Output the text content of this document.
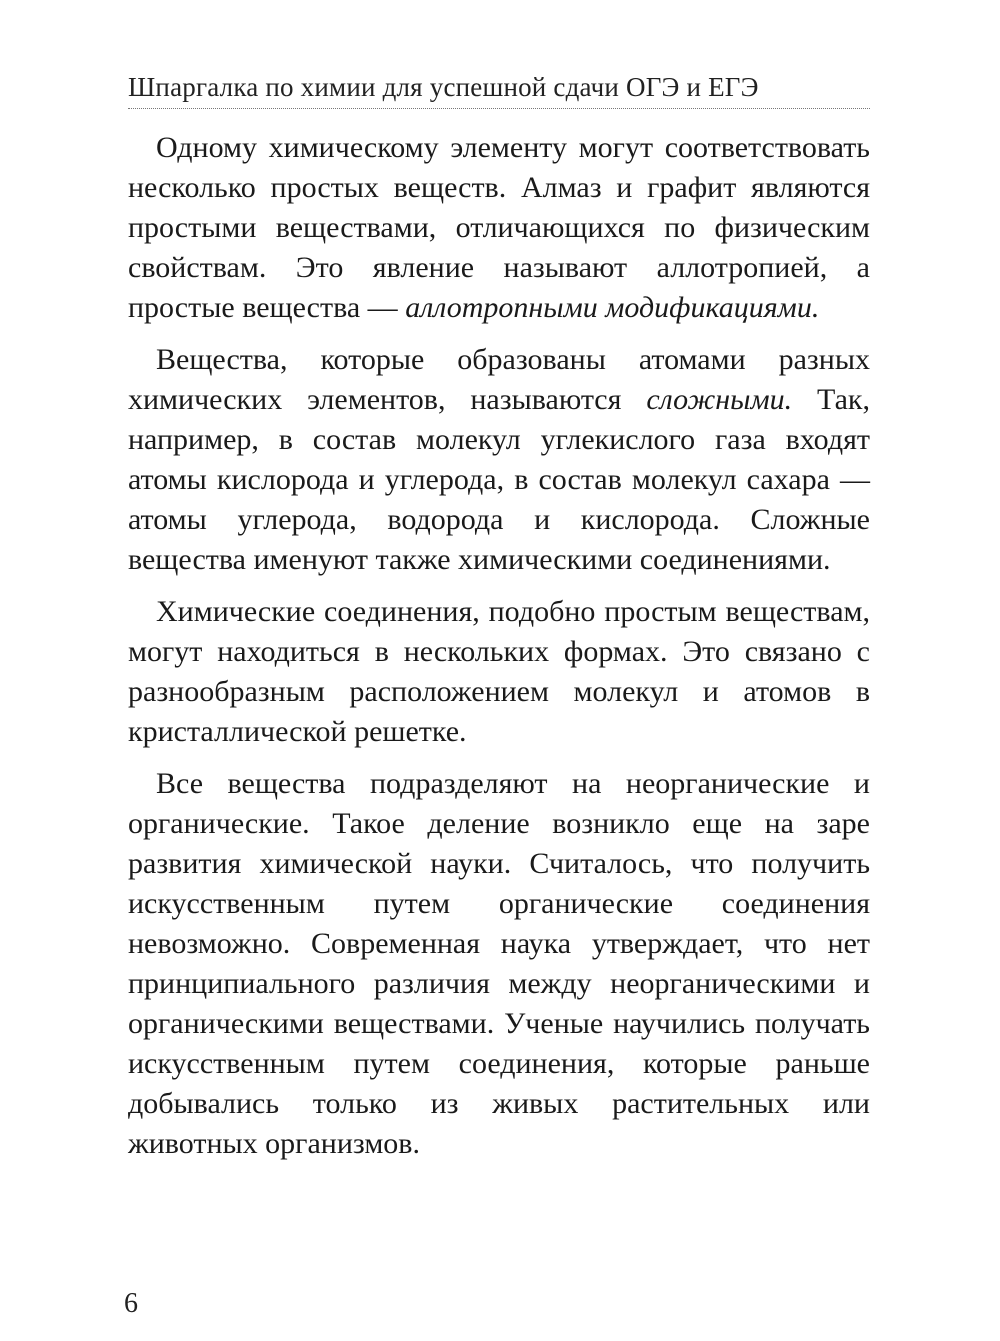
Шпаргалка по химии для успешной сдачи ОГЭ и ЕГЭ

Одному химическому элементу могут соответствовать несколько простых веществ. Алмаз и графит являются простыми веществами, отличающихся по физическим свойствам. Это явление называют аллотропией, а простые вещества — аллотропными модификациями.

Вещества, которые образованы атомами разных химических элементов, называются сложными. Так, например, в состав молекул углекислого газа входят атомы кислорода и углерода, в состав молекул сахара — атомы углерода, водорода и кислорода. Сложные вещества именуют также химическими соединениями.

Химические соединения, подобно простым веществам, могут находиться в нескольких формах. Это связано с разнообразным расположением молекул и атомов в кристаллической решетке.

Все вещества подразделяют на неорганические и органические. Такое деление возникло еще на заре развития химической науки. Считалось, что получить искусственным путем органические соединения невозможно. Современная наука утверждает, что нет принципиального различия между неорганическими и органическими веществами. Ученые научились получать искусственным путем соединения, которые раньше добывались только из живых растительных или животных организмов.

6
